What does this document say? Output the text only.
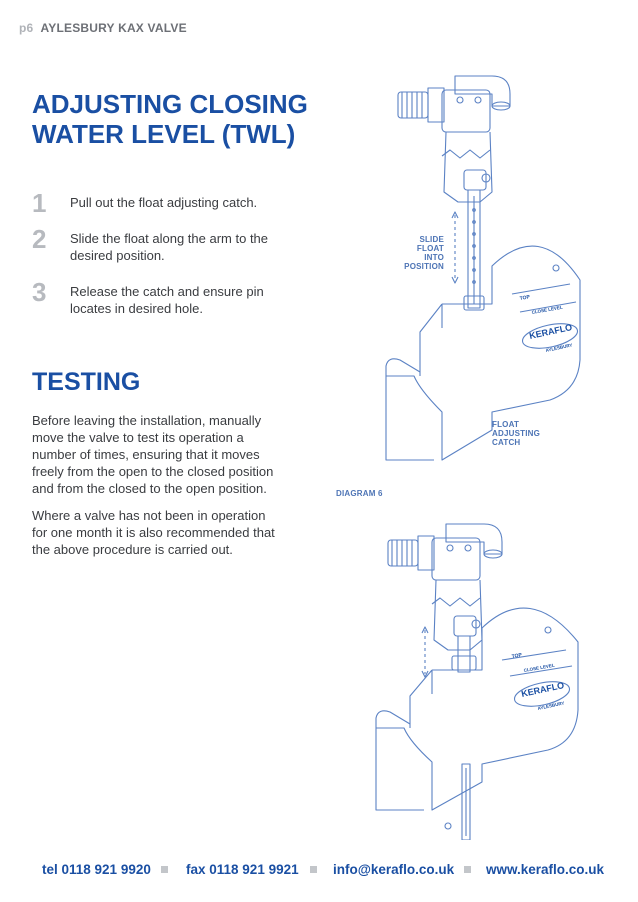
p6 AYLESBURY KAX VALVE
ADJUSTING CLOSING
WATER LEVEL (TWL)
1 Pull out the float adjusting catch.
2 Slide the float along the arm to the desired position.
3 Release the catch and ensure pin locates in desired hole.
TESTING

Before leaving the installation, manually move the valve to test its operation a number of times, ensuring that it moves freely from the open to the closed position and from the closed to the open position.

Where a valve has not been in operation for one month it is also recommended that the above procedure is carried out.

SLIDE FLOAT
INTO POSITION
FLOAT
ADJUSTING
CATCH
DIAGRAM 6
TOP
CLOSE LEVEL
KERAFLO
AYLESBURY
TOP
CLOSE LEVEL
KERAFLO
AYLESBURY
tel 0118 921 9920	fax 0118 921 9921	info@keraflo.co.uk www.keraflo.co.uk
